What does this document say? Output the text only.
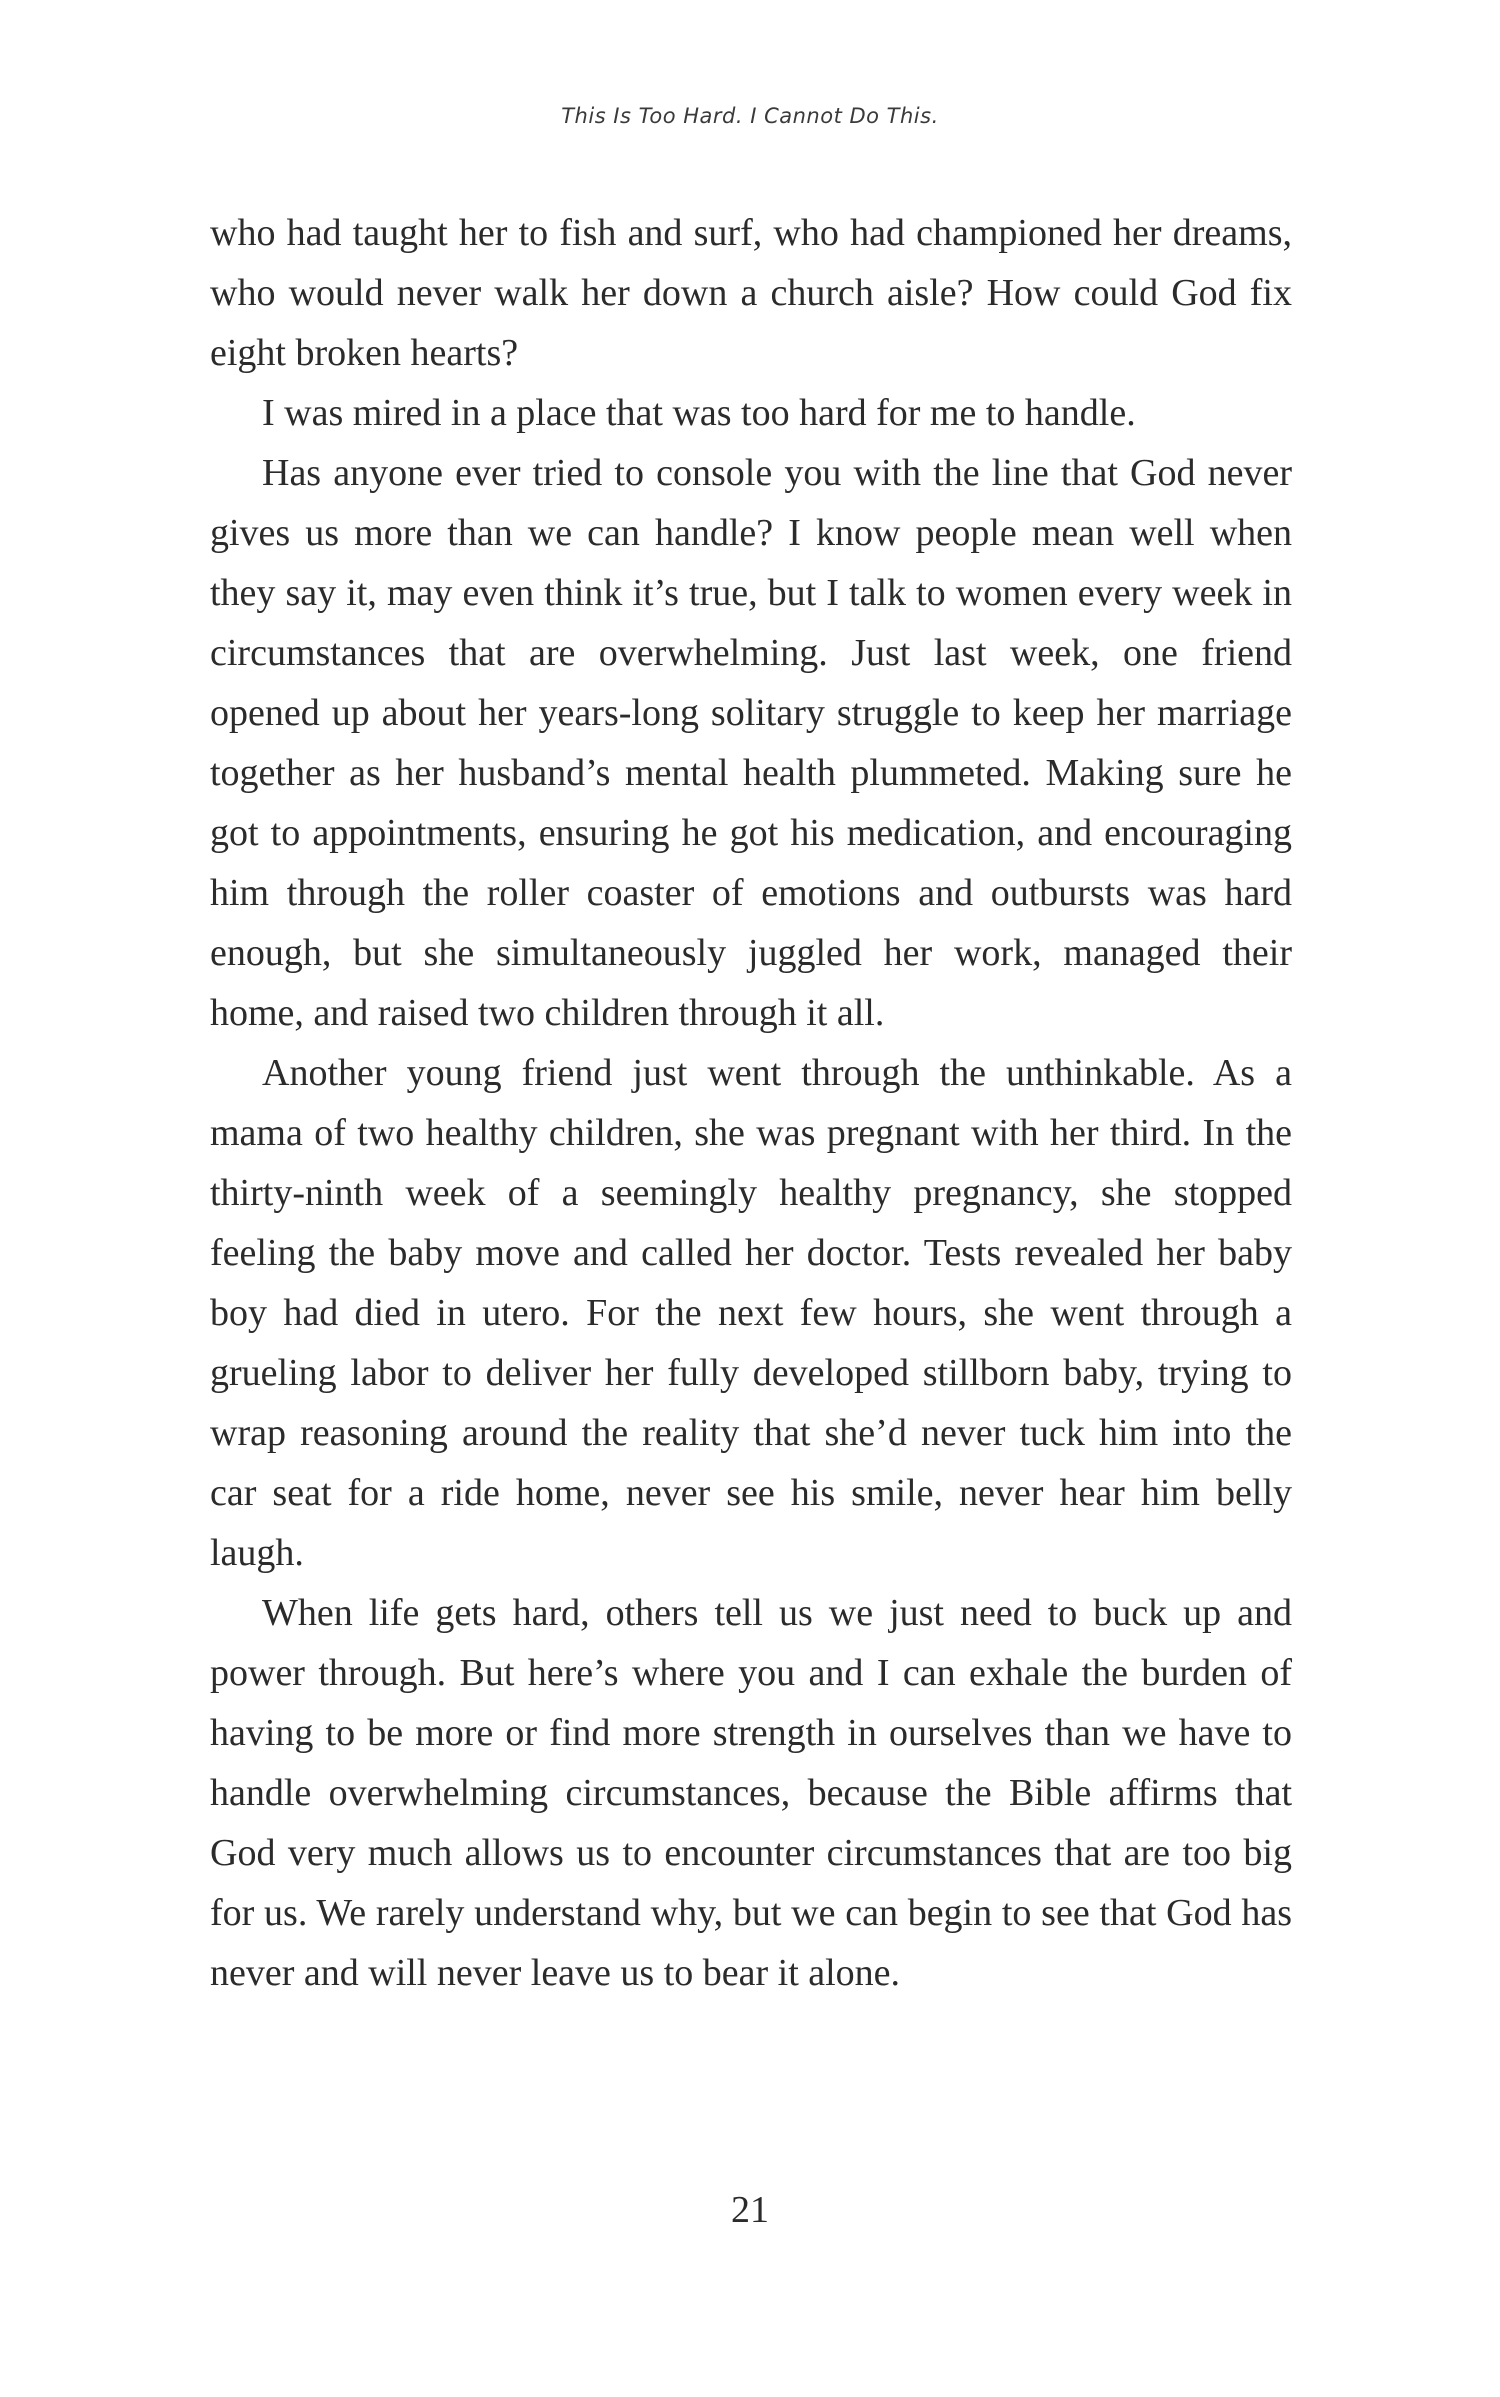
This Is Too Hard. I Cannot Do This.

who had taught her to fish and surf, who had championed her dreams, who would never walk her down a church aisle? How could God fix eight broken hearts?

I was mired in a place that was too hard for me to handle.

Has anyone ever tried to console you with the line that God never gives us more than we can handle? I know people mean well when they say it, may even think it’s true, but I talk to women every week in circumstances that are overwhelming. Just last week, one friend opened up about her years-long solitary struggle to keep her marriage together as her husband’s mental health plummeted. Making sure he got to appointments, ensuring he got his medication, and encouraging him through the roller coaster of emotions and outbursts was hard enough, but she simultaneously juggled her work, managed their home, and raised two children through it all.

Another young friend just went through the unthinkable. As a mama of two healthy children, she was pregnant with her third. In the thirty-ninth week of a seemingly healthy pregnancy, she stopped feeling the baby move and called her doctor. Tests revealed her baby boy had died in utero. For the next few hours, she went through a grueling labor to deliver her fully developed stillborn baby, trying to wrap reasoning around the reality that she’d never tuck him into the car seat for a ride home, never see his smile, never hear him belly laugh.

When life gets hard, others tell us we just need to buck up and power through. But here’s where you and I can exhale the burden of having to be more or find more strength in ourselves than we have to handle overwhelming circumstances, because the Bible affirms that God very much allows us to encounter circumstances that are too big for us. We rarely understand why, but we can begin to see that God has never and will never leave us to bear it alone.

21
